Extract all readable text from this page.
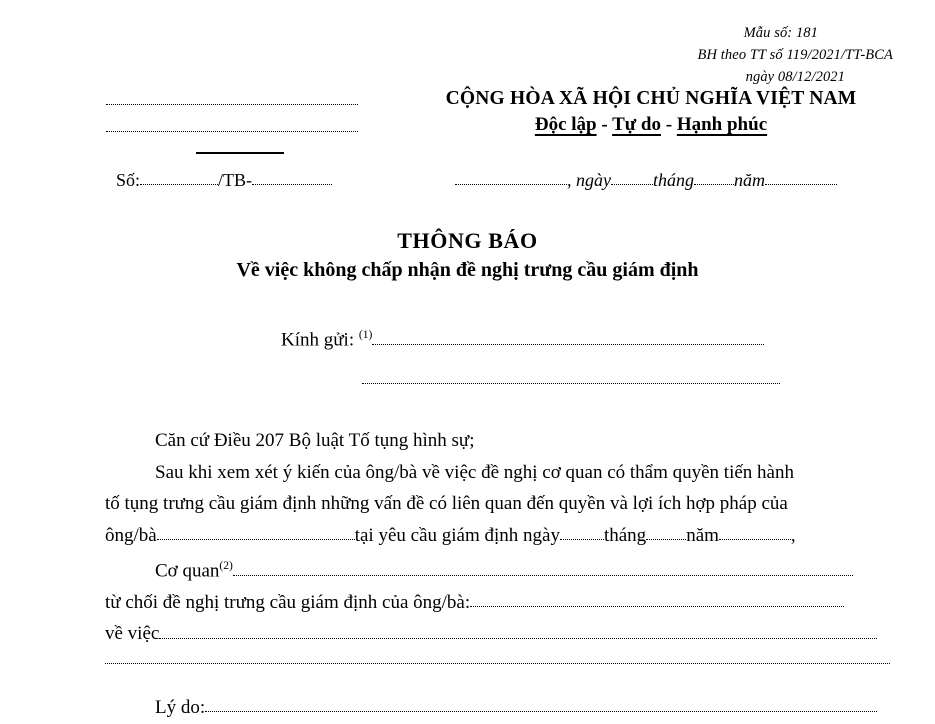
Mẫu số: 181
BH theo TT số 119/2021/TT-BCA
ngày 08/12/2021
CỘNG HÒA XÃ HỘI CHỦ NGHĨA VIỆT NAM
Độc lập - Tự do - Hạnh phúc
Số:	/TB-	, ngày tháng năm
THÔNG BÁO
Về việc không chấp nhận đề nghị trưng cầu giám định
Kính gửi: $^{(1)}$

Căn cứ Điều 207 Bộ luật Tố tụng hình sự;

Sau khi xem xét ý kiến của ông/bà về việc đề nghị cơ quan có thẩm quyền tiến hành

tố tụng trưng cầu giám định những vấn đề có liên quan đến quyền và lợi ích hợp pháp của

ông/bà	tại yêu cầu giám định ngày tháng năm	,

Cơ quan$^{(2)}$

từ chối đề nghị trưng cầu giám định của ông/bà:

về việc

Lý do:
